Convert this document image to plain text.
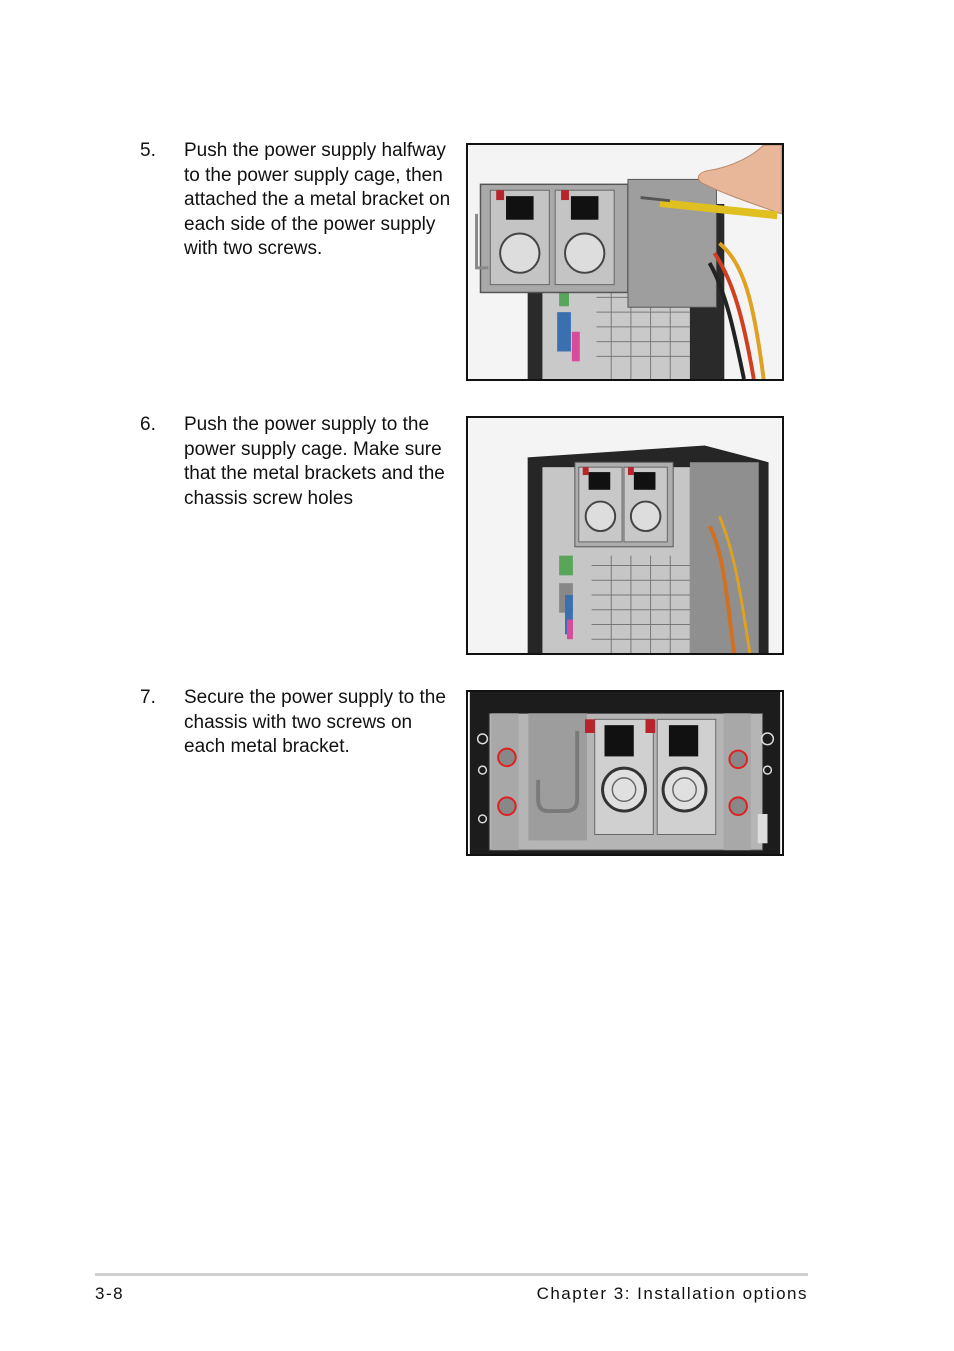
5. Push the power supply halfway to the power supply cage, then attached the a metal bracket on each side of the power supply with two screws.
6. Push the power supply to the power supply cage. Make sure that the metal brackets and the chassis screw holes
7. Secure the power supply to the chassis with two screws on each metal bracket.
3-8	Chapter 3: Installation options
